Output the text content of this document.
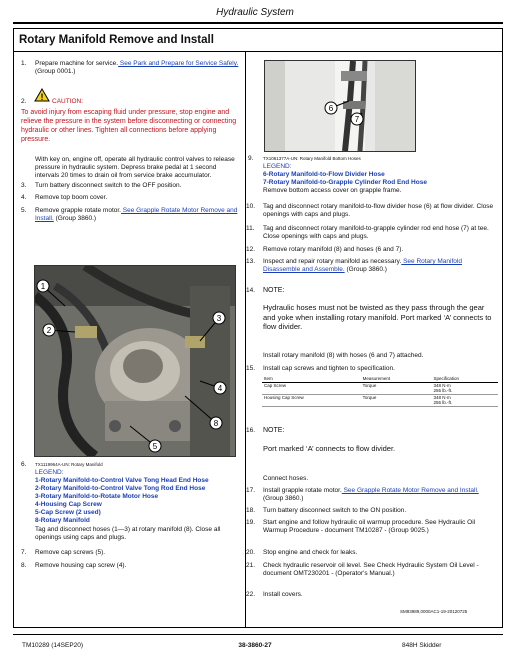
Hydraulic System
Rotary Manifold Remove and Install
1. Prepare machine for service. See Park and Prepare for Service Safely. (Group 0001.)
2. ! CAUTION:
To avoid injury from escaping fluid under pressure, stop engine and relieve the pressure in the system before disconnecting or connecting hydraulic or other lines. Tighten all connections before applying pressure.
With key on, engine off, operate all hydraulic control valves to release pressure in hydraulic system. Depress brake pedal at 1 second intervals 20 times to drain oil from service brake accumulator.
3. Turn battery disconnect switch to the OFF position.
4. Remove top boom cover.
5. Remove grapple rotate motor. See Grapple Rotate Motor Remove and Install. (Group 3860.)
1
2
3
4
5
8
6. TX1119964A-UN: Rotary Manifold
LEGEND:
1-Rotary Manifold-to-Control Valve Tong Head End Hose
2-Rotary Manifold-to-Control Valve Tong Rod End Hose
3-Rotary Manifold-to-Rotate Motor Hose
4-Housing Cap Screw
5-Cap Screw (2 used)
8-Rotary Manifold
Tag and disconnect hoses (1—3) at rotary manifold (8). Close all openings using caps and plugs.
7. Remove cap screws (5).
8. Remove housing cap screw (4).
6
7
9. TX1061377A-UN: Rotary Manifold Bottom Hoses
LEGEND:
6-Rotary Manifold-to-Flow Divider Hose
7-Rotary Manifold-to-Grapple Cylinder Rod End Hose
Remove bottom access cover on grapple frame.
10. Tag and disconnect rotary manifold-to-flow divider hose (6) at flow divider. Close openings with caps and plugs.
11. Tag and disconnect rotary manifold-to-grapple cylinder rod end hose (7) at tee. Close openings with caps and plugs.
12. Remove rotary manifold (8) and hoses (6 and 7).
13. Inspect and repair rotary manifold as necessary. See Rotary Manifold Disassemble and Assemble. (Group 3860.)
14. NOTE:
Hydraulic hoses must not be twisted as they pass through the gear and yoke when installing rotary manifold. Port marked ‘A’ connects to flow divider.
Install rotary manifold (8) with hoses (6 and 7) attached.
15. Install cap screws and tighten to specification.
Item	Measurement	Specification
Cap Screw	Torque	348 N·m
255 lb.-ft.

Housing Cap Screw	Torque	348 N·m
255 lb.-ft.
16. NOTE:
Port marked ‘A’ connects to flow divider.
Connect hoses.
17. Install grapple rotate motor. See Grapple Rotate Motor Remove and Install. (Group 3860.)
18. Turn battery disconnect switch to the ON position.
19. Start engine and follow hydraulic oil warmup procedure. See Hydraulic Oil Warmup Procedure - document TM10287 - (Group 9025.)
20. Stop engine and check for leaks.
21. Check hydraulic reservoir oil level. See Check Hydraulic System Oil Level - document OMT230201 - (Operator's Manual.)
22. Install covers.
SM93989,0000AC1-19-20120725
TM10289 (14SEP20)	38-3860-27	848H Skidder
